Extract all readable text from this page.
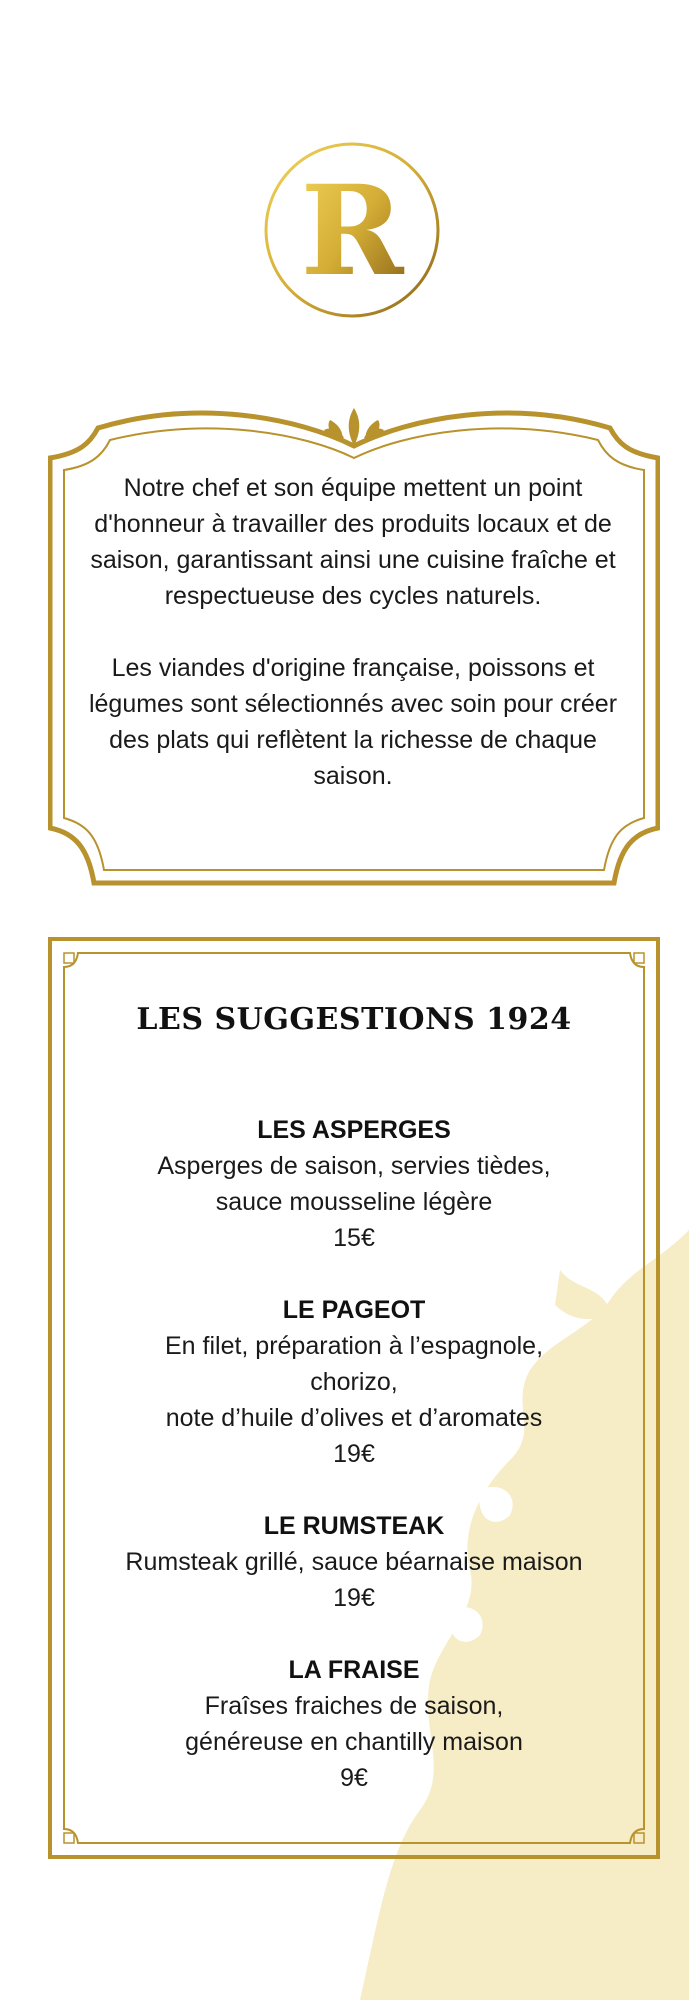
R

Notre chef et son équipe mettent un point d'honneur à travailler des produits locaux et de saison, garantissant ainsi une cuisine fraîche et respectueuse des cycles naturels.

Les viandes d'origine française, poissons et légumes sont sélectionnés avec soin pour créer des plats qui reflètent la richesse de chaque saison.

LES SUGGESTIONS 1924
LES ASPERGES
Asperges de saison, servies tièdes,
sauce mousseline légère
15€
LE PAGEOT
En filet, préparation à l’espagnole,
chorizo,
note d’huile d’olives et d’aromates
19€
LE RUMSTEAK
Rumsteak grillé, sauce béarnaise maison
19€
LA FRAISE
Fraîses fraiches de saison,
généreuse en chantilly maison
9€
